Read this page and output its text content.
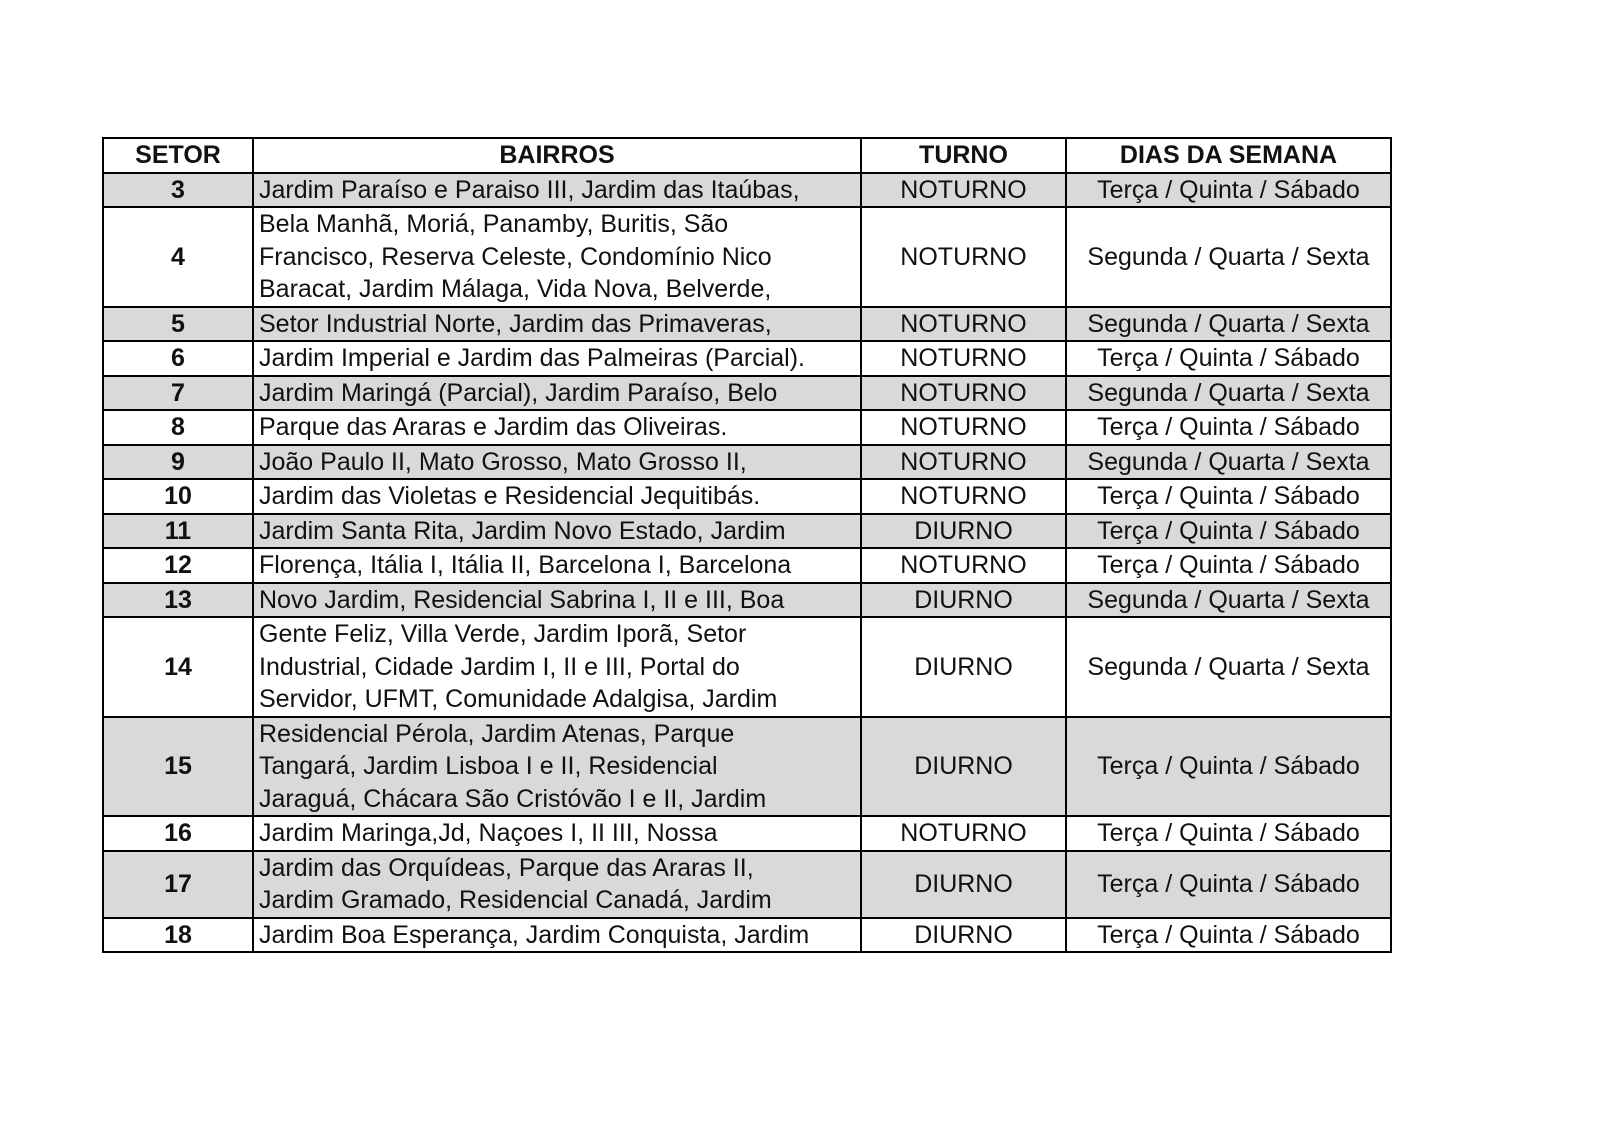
SETOR	BAIRROS	TURNO	DIAS DA SEMANA
3	Jardim Paraíso e Paraiso III, Jardim das Itaúbas,	NOTURNO	Terça / Quinta / Sábado
4	Bela Manhã, Moriá, Panamby, Buritis, São
Francisco, Reserva Celeste, Condomínio Nico
Baracat, Jardim Málaga, Vida Nova, Belverde,	NOTURNO	Segunda / Quarta / Sexta
5	Setor Industrial Norte, Jardim das Primaveras,	NOTURNO	Segunda / Quarta / Sexta
6	Jardim Imperial e Jardim das Palmeiras (Parcial).	NOTURNO	Terça / Quinta / Sábado
7	Jardim Maringá (Parcial), Jardim Paraíso, Belo	NOTURNO	Segunda / Quarta / Sexta
8	Parque das Araras e Jardim das Oliveiras.	NOTURNO	Terça / Quinta / Sábado
9	João Paulo II, Mato Grosso, Mato Grosso II,	NOTURNO	Segunda / Quarta / Sexta
10	Jardim das Violetas e Residencial Jequitibás.	NOTURNO	Terça / Quinta / Sábado
11	Jardim Santa Rita, Jardim Novo Estado, Jardim	DIURNO	Terça / Quinta / Sábado
12	Florença, Itália I, Itália II, Barcelona I, Barcelona	NOTURNO	Terça / Quinta / Sábado
13	Novo Jardim, Residencial Sabrina I, II e III, Boa	DIURNO	Segunda / Quarta / Sexta
14	Gente Feliz, Villa Verde, Jardim Iporã, Setor
Industrial, Cidade Jardim I, II e III, Portal do
Servidor, UFMT, Comunidade Adalgisa, Jardim	DIURNO	Segunda / Quarta / Sexta
15	Residencial Pérola, Jardim Atenas, Parque
Tangará, Jardim Lisboa I e II, Residencial
Jaraguá, Chácara São Cristóvão I e II, Jardim	DIURNO	Terça / Quinta / Sábado
16	Jardim Maringa,Jd, Naçoes I, II III, Nossa	NOTURNO	Terça / Quinta / Sábado
17	Jardim das Orquídeas, Parque das Araras II,
Jardim Gramado, Residencial Canadá, Jardim	DIURNO	Terça / Quinta / Sábado
18	Jardim Boa Esperança, Jardim Conquista, Jardim	DIURNO	Terça / Quinta / Sábado
